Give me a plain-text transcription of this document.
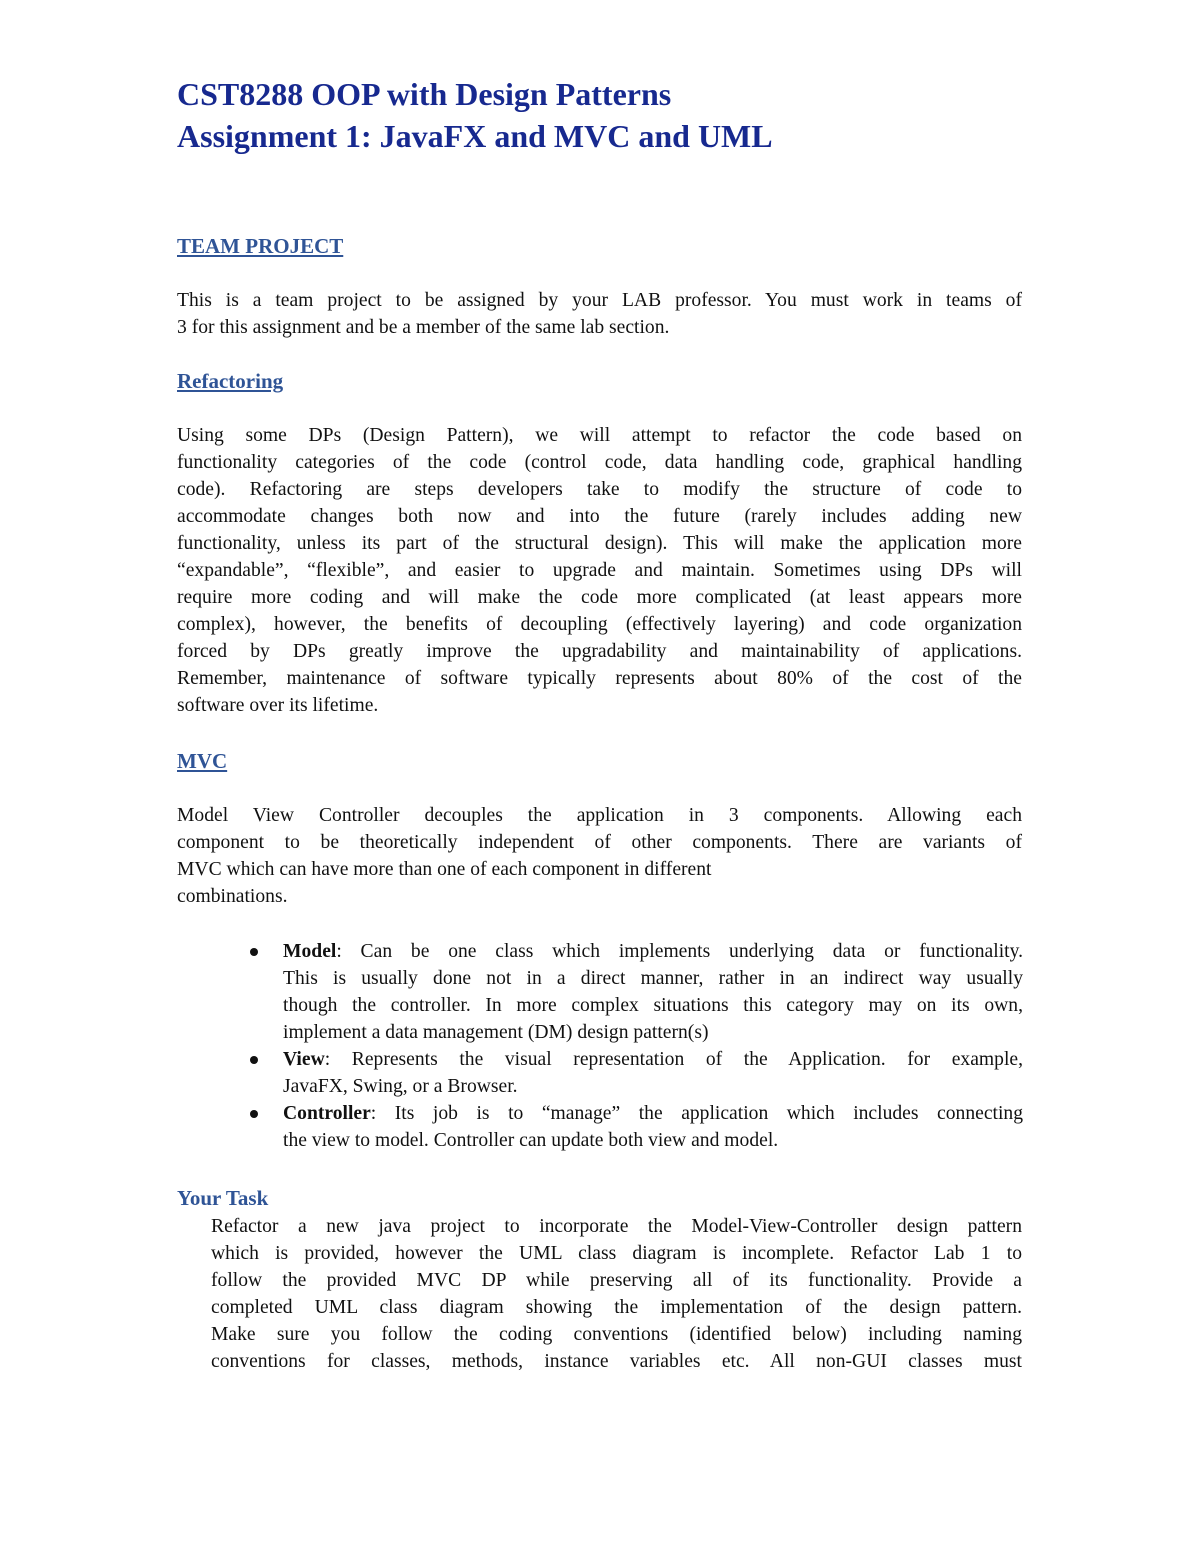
CST8288 OOP with Design Patterns
Assignment 1: JavaFX and MVC and UML
TEAM PROJECT
This is a team project to be assigned by your LAB professor. You must work in teams of
3 for this assignment and be a member of the same lab section.
Refactoring
Using some DPs (Design Pattern), we will attempt to refactor the code based on
functionality categories of the code (control code, data handling code, graphical handling
code). Refactoring are steps developers take to modify the structure of code to
accommodate changes both now and into the future (rarely includes adding new
functionality, unless its part of the structural design). This will make the application more
“expandable”, “flexible”, and easier to upgrade and maintain. Sometimes using DPs will
require more coding and will make the code more complicated (at least appears more
complex), however, the benefits of decoupling (effectively layering) and code organization
forced by DPs greatly improve the upgradability and maintainability of applications.
Remember, maintenance of software typically represents about 80% of the cost of the
software over its lifetime.
MVC
Model View Controller decouples the application in 3 components. Allowing each
component to be theoretically independent of other components. There are variants of
MVC which can have more than one of each component in different
combinations.
Model: Can be one class which implements underlying data or functionality.
This is usually done not in a direct manner, rather in an indirect way usually
though the controller. In more complex situations this category may on its own,
implement a data management (DM) design pattern(s)
View: Represents the visual representation of the Application. for example,
JavaFX, Swing, or a Browser.
Controller: Its job is to “manage” the application which includes connecting
the view to model. Controller can update both view and model.
Your Task
Refactor a new java project to incorporate the Model-View-Controller design pattern
which is provided, however the UML class diagram is incomplete. Refactor Lab 1 to
follow the provided MVC DP while preserving all of its functionality. Provide a
completed UML class diagram showing the implementation of the design pattern.
Make sure you follow the coding conventions (identified below) including naming
conventions for classes, methods, instance variables etc. All non-GUI classes must
